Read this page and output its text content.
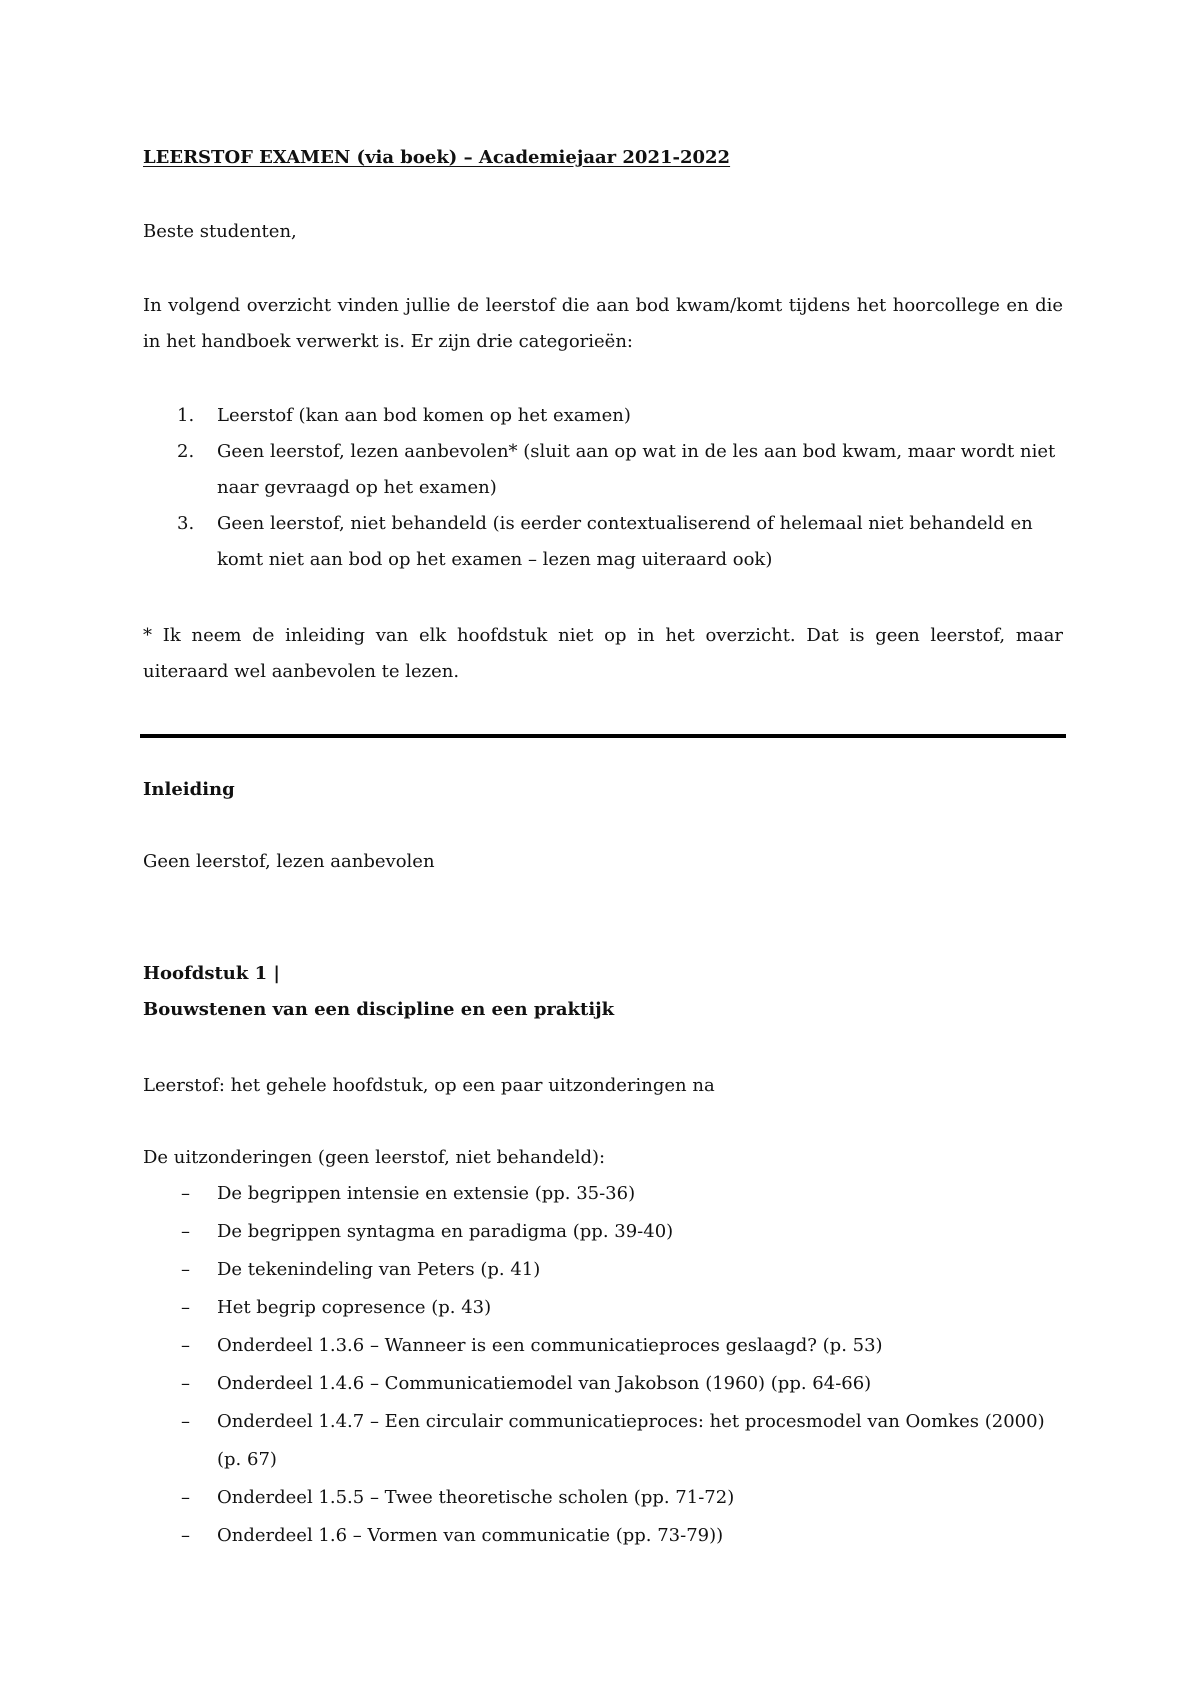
LEERSTOF EXAMEN (via boek) – Academiejaar 2021-2022

Beste studenten,

In volgend overzicht vinden jullie de leerstof die aan bod kwam/komt tijdens het hoorcollege en die in het handboek verwerkt is. Er zijn drie categorieën:

1. Leerstof (kan aan bod komen op het examen)
2. Geen leerstof, lezen aanbevolen* (sluit aan op wat in de les aan bod kwam, maar wordt niet naar gevraagd op het examen)
3. Geen leerstof, niet behandeld (is eerder contextualiserend of helemaal niet behandeld en komt niet aan bod op het examen – lezen mag uiteraard ook)

* Ik neem de inleiding van elk hoofdstuk niet op in het overzicht. Dat is geen leerstof, maar uiteraard wel aanbevolen te lezen.

Inleiding

Geen leerstof, lezen aanbevolen

Hoofdstuk 1 |

Bouwstenen van een discipline en een praktijk

Leerstof: het gehele hoofdstuk, op een paar uitzonderingen na

De uitzonderingen (geen leerstof, niet behandeld):

– De begrippen intensie en extensie (pp. 35-36)
– De begrippen syntagma en paradigma (pp. 39-40)
– De tekenindeling van Peters (p. 41)
– Het begrip copresence (p. 43)
– Onderdeel 1.3.6 – Wanneer is een communicatieproces geslaagd? (p. 53)
– Onderdeel 1.4.6 – Communicatiemodel van Jakobson (1960) (pp. 64-66)
– Onderdeel 1.4.7 – Een circulair communicatieproces: het procesmodel van Oomkes (2000) (p. 67)
– Onderdeel 1.5.5 – Twee theoretische scholen (pp. 71-72)
– Onderdeel 1.6 – Vormen van communicatie (pp. 73-79))
